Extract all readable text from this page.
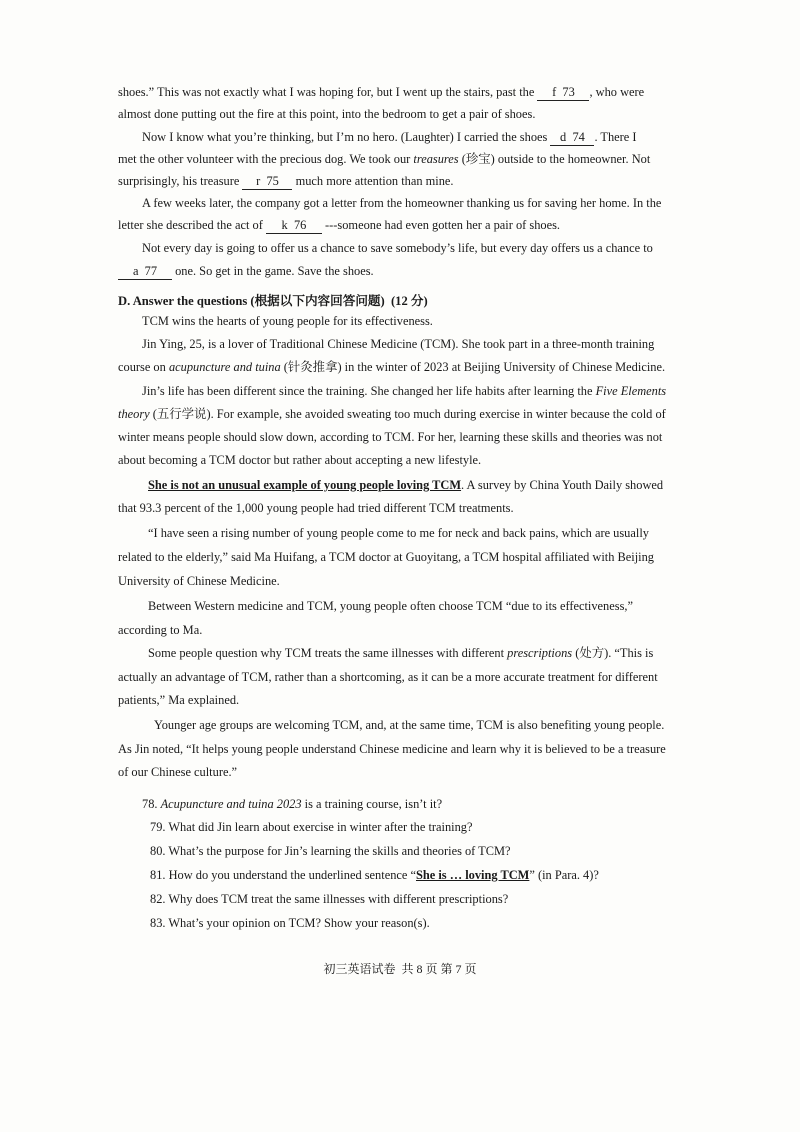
shoes.” This was not exactly what I was hoping for, but I went up the stairs, past the f 73 , who were
almost done putting out the fire at this point, into the bedroom to get a pair of shoes.
Now I know what you’re thinking, but I’m no hero. (Laughter) I carried the shoes d 74 . There I
met the other volunteer with the precious dog. We took our treasures (珍宝) outside to the homeowner. Not
surprisingly, his treasure r 75 much more attention than mine.
A few weeks later, the company got a letter from the homeowner thanking us for saving her home. In the
letter she described the act of k 76 ---someone had even gotten her a pair of shoes.
Not every day is going to offer us a chance to save somebody’s life, but every day offers us a chance to
a 77 one. So get in the game. Save the shoes.
D. Answer the questions (根据以下内容回答问题)  (12 分)
TCM wins the hearts of young people for its effectiveness.
Jin Ying, 25, is a lover of Traditional Chinese Medicine (TCM). She took part in a three-month training
course on acupuncture and tuina (针灸推拿) in the winter of 2023 at Beijing University of Chinese Medicine.
Jin’s life has been different since the training. She changed her life habits after learning the Five Elements
theory (五行学说). For example, she avoided sweating too much during exercise in winter because the cold of
winter means people should slow down, according to TCM. For her, learning these skills and theories was not
about becoming a TCM doctor but rather about accepting a new lifestyle.
She is not an unusual example of young people loving TCM. A survey by China Youth Daily showed
that 93.3 percent of the 1,000 young people had tried different TCM treatments.
“I have seen a rising number of young people come to me for neck and back pains, which are usually
related to the elderly,” said Ma Huifang, a TCM doctor at Guoyitang, a TCM hospital affiliated with Beijing
University of Chinese Medicine.
Between Western medicine and TCM, young people often choose TCM “due to its effectiveness,”
according to Ma.
Some people question why TCM treats the same illnesses with different prescriptions (处方). “This is
actually an advantage of TCM, rather than a shortcoming, as it can be a more accurate treatment for different
patients,” Ma explained.
Younger age groups are welcoming TCM, and, at the same time, TCM is also benefiting young people.
As Jin noted, “It helps young people understand Chinese medicine and learn why it is believed to be a treasure
of our Chinese culture.”
78. Acupuncture and tuina 2023 is a training course, isn’t it?
79. What did Jin learn about exercise in winter after the training?
80. What’s the purpose for Jin’s learning the skills and theories of TCM?
81. How do you understand the underlined sentence “She is … loving TCM” (in Para. 4)?
82. Why does TCM treat the same illnesses with different prescriptions?
83. What’s your opinion on TCM? Show your reason(s).
初三英语试卷  共 8 页 第 7 页
